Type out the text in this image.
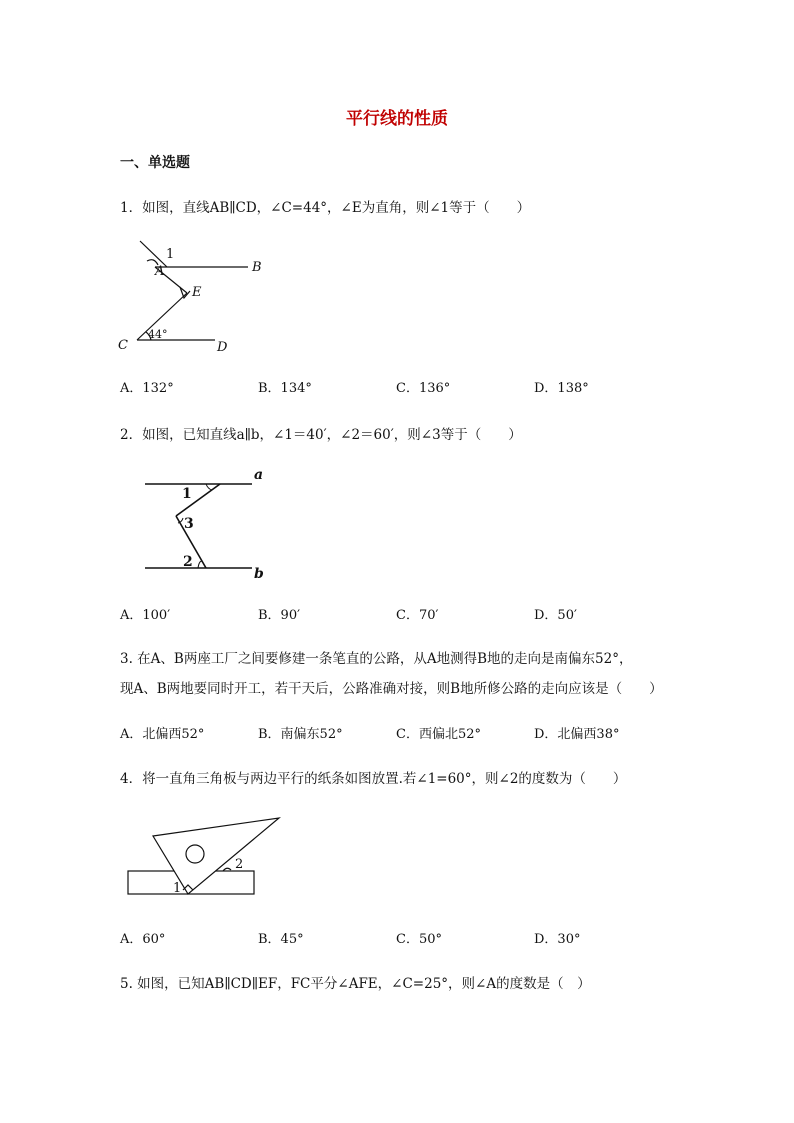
平行线的性质
一、单选题
1．如图，直线AB∥CD，∠C=44°，∠E为直角，则∠1等于（　　）
1
A	B
E
C	D
44°
A．132°	B．134°	C．136°	D．138°
2．如图，已知直线a∥b，∠1＝40′，∠2＝60′，则∠3等于（　　）
a
b
1
3
2
A．100′	B．90′	C．70′	D．50′
3. 在A、B两座工厂之间要修建一条笔直的公路，从A地测得B地的走向是南偏东52°，
现A、B两地要同时开工，若干天后，公路准确对接，则B地所修公路的走向应该是（　　）
A．北偏西52°	B．南偏东52°	C．西偏北52°	D．北偏西38°
4．将一直角三角板与两边平行的纸条如图放置.若∠1=60°，则∠2的度数为（　　）
1
2
A．60°	B．45°	C．50°	D．30°
5. 如图，已知AB∥CD∥EF，FC平分∠AFE，∠C=25°，则∠A的度数是（　）
